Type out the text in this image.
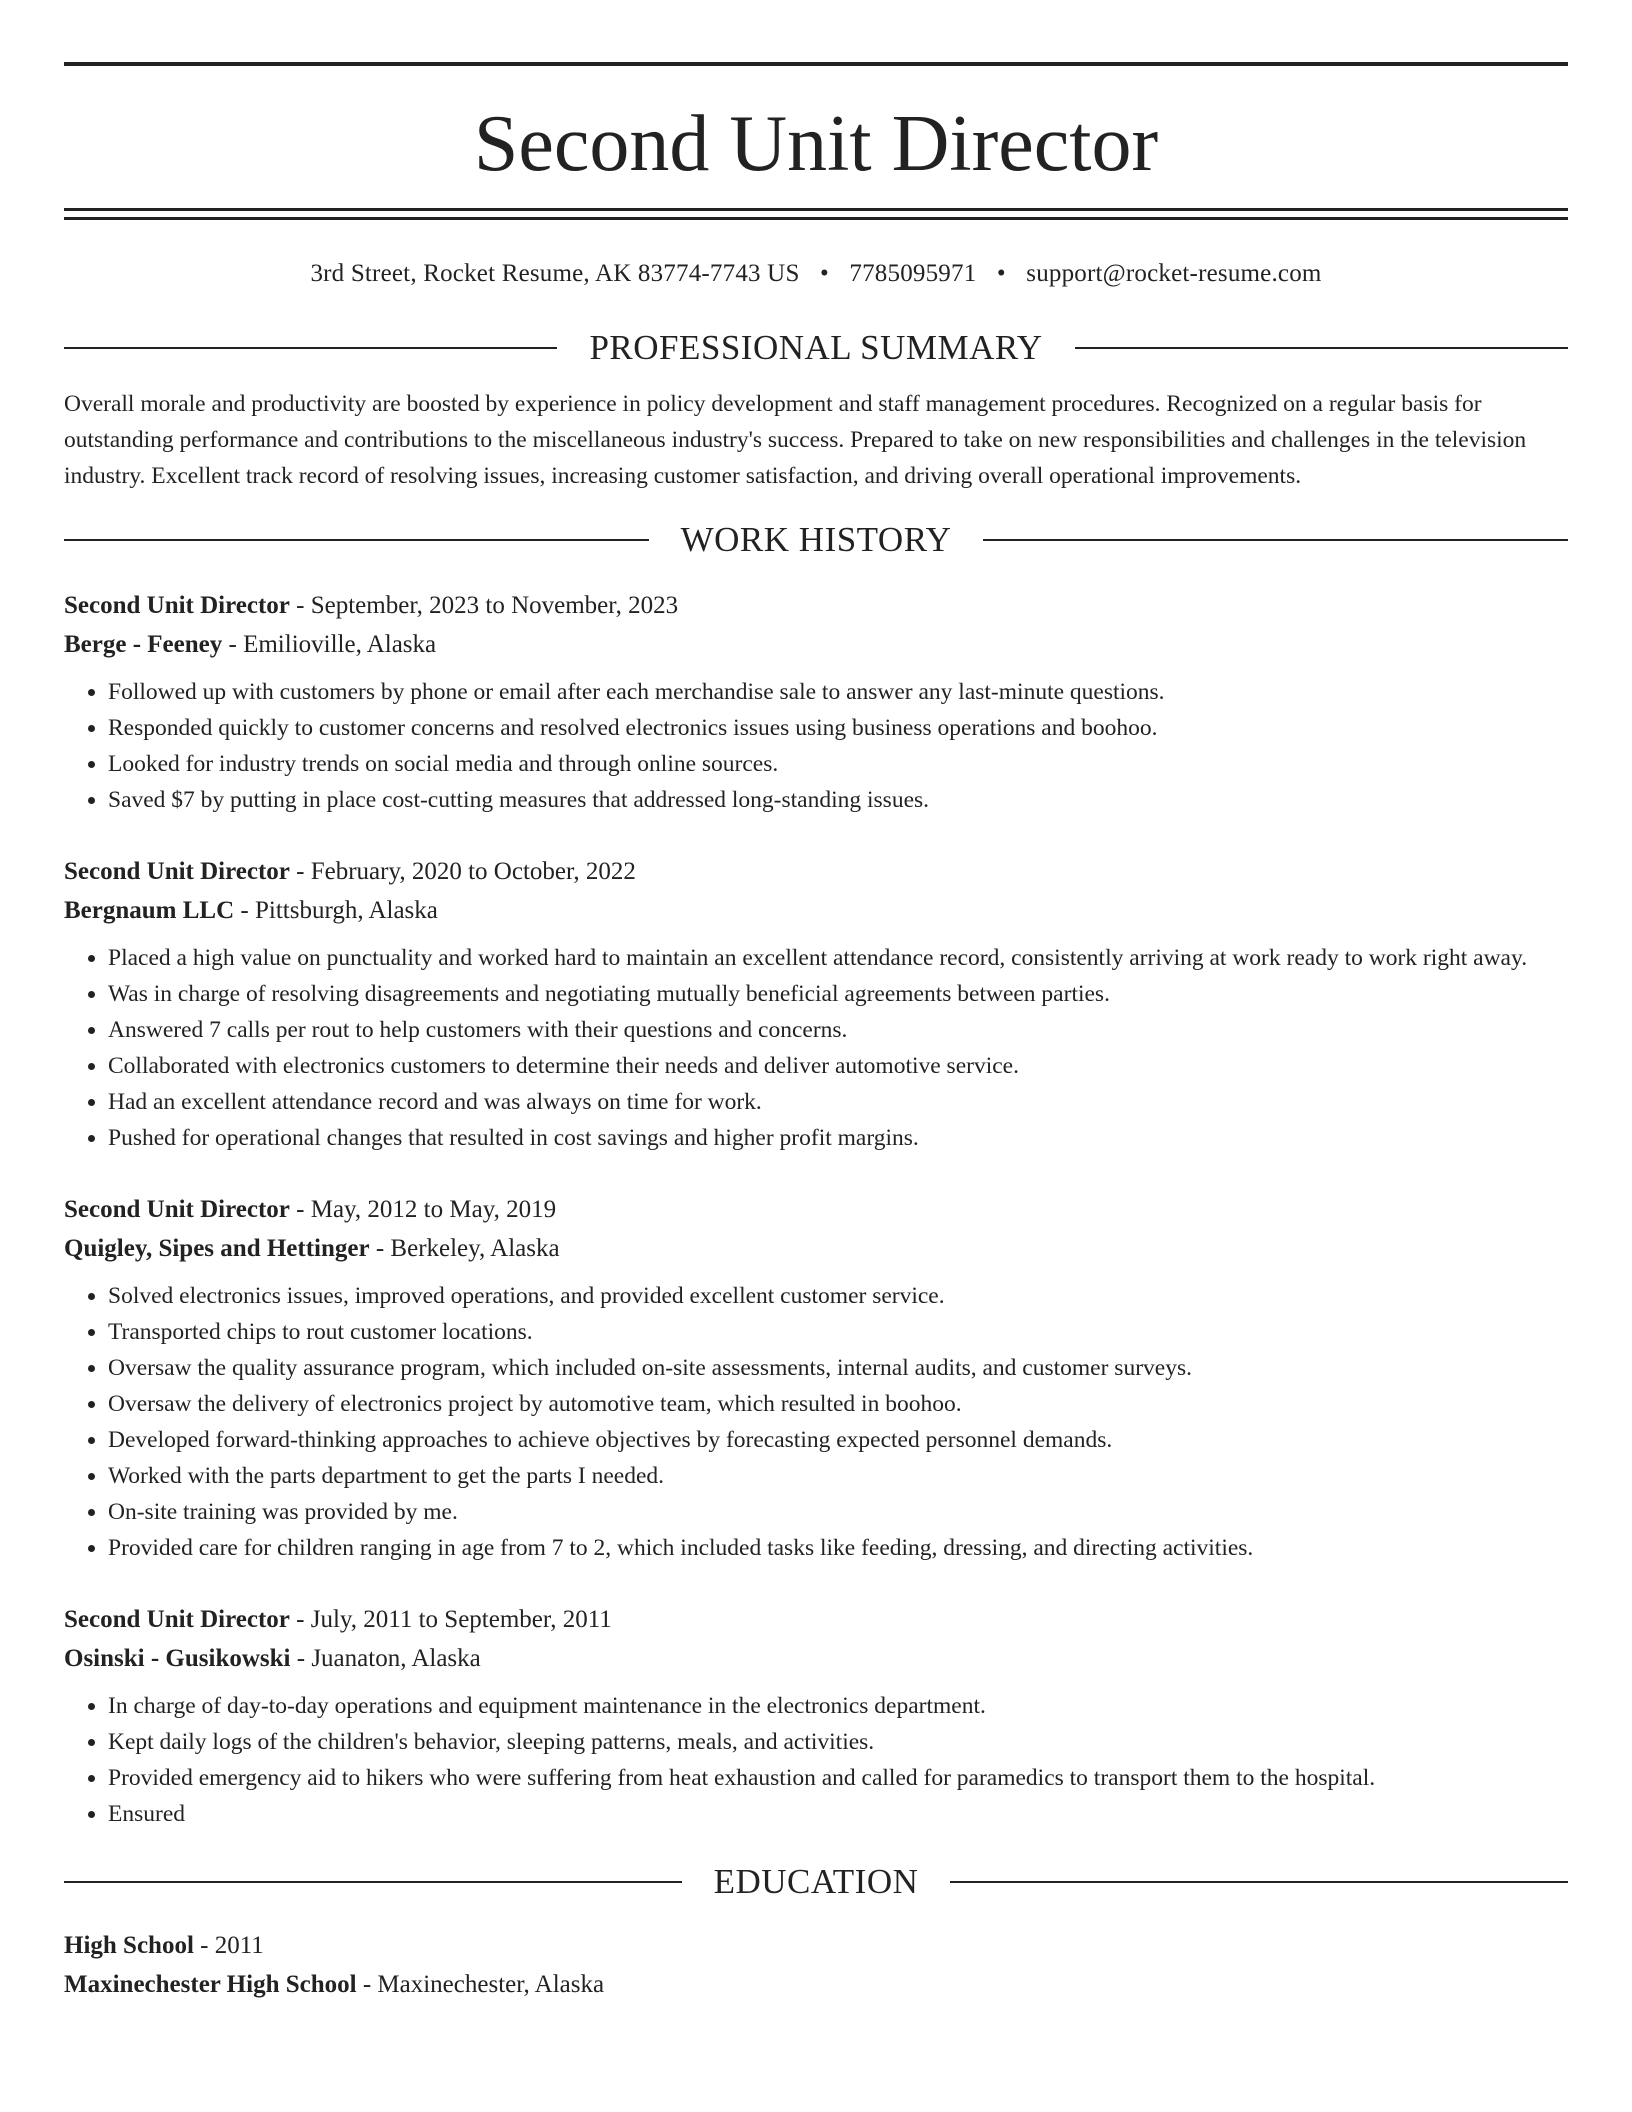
Second Unit Director
3rd Street, Rocket Resume, AK 83774-7743 US • 7785095971 • support@rocket-resume.com
PROFESSIONAL SUMMARY

Overall morale and productivity are boosted by experience in policy development and staff management procedures. Recognized on a regular basis for outstanding performance and contributions to the miscellaneous industry's success. Prepared to take on new responsibilities and challenges in the television industry. Excellent track record of resolving issues, increasing customer satisfaction, and driving overall operational improvements.

WORK HISTORY
Second Unit Director - September, 2023 to November, 2023
Berge - Feeney - Emilioville, Alaska
• Followed up with customers by phone or email after each merchandise sale to answer any last-minute questions.
• Responded quickly to customer concerns and resolved electronics issues using business operations and boohoo.
• Looked for industry trends on social media and through online sources.
• Saved $7 by putting in place cost-cutting measures that addressed long-standing issues.
Second Unit Director - February, 2020 to October, 2022
Bergnaum LLC - Pittsburgh, Alaska
• Placed a high value on punctuality and worked hard to maintain an excellent attendance record, consistently arriving at work ready to work right away.
• Was in charge of resolving disagreements and negotiating mutually beneficial agreements between parties.
• Answered 7 calls per rout to help customers with their questions and concerns.
• Collaborated with electronics customers to determine their needs and deliver automotive service.
• Had an excellent attendance record and was always on time for work.
• Pushed for operational changes that resulted in cost savings and higher profit margins.
Second Unit Director - May, 2012 to May, 2019
Quigley, Sipes and Hettinger - Berkeley, Alaska
• Solved electronics issues, improved operations, and provided excellent customer service.
• Transported chips to rout customer locations.
• Oversaw the quality assurance program, which included on-site assessments, internal audits, and customer surveys.
• Oversaw the delivery of electronics project by automotive team, which resulted in boohoo.
• Developed forward-thinking approaches to achieve objectives by forecasting expected personnel demands.
• Worked with the parts department to get the parts I needed.
• On-site training was provided by me.
• Provided care for children ranging in age from 7 to 2, which included tasks like feeding, dressing, and directing activities.
Second Unit Director - July, 2011 to September, 2011
Osinski - Gusikowski - Juanaton, Alaska
• In charge of day-to-day operations and equipment maintenance in the electronics department.
• Kept daily logs of the children's behavior, sleeping patterns, meals, and activities.
• Provided emergency aid to hikers who were suffering from heat exhaustion and called for paramedics to transport them to the hospital.
• Ensured
EDUCATION
High School - 2011
Maxinechester High School - Maxinechester, Alaska
